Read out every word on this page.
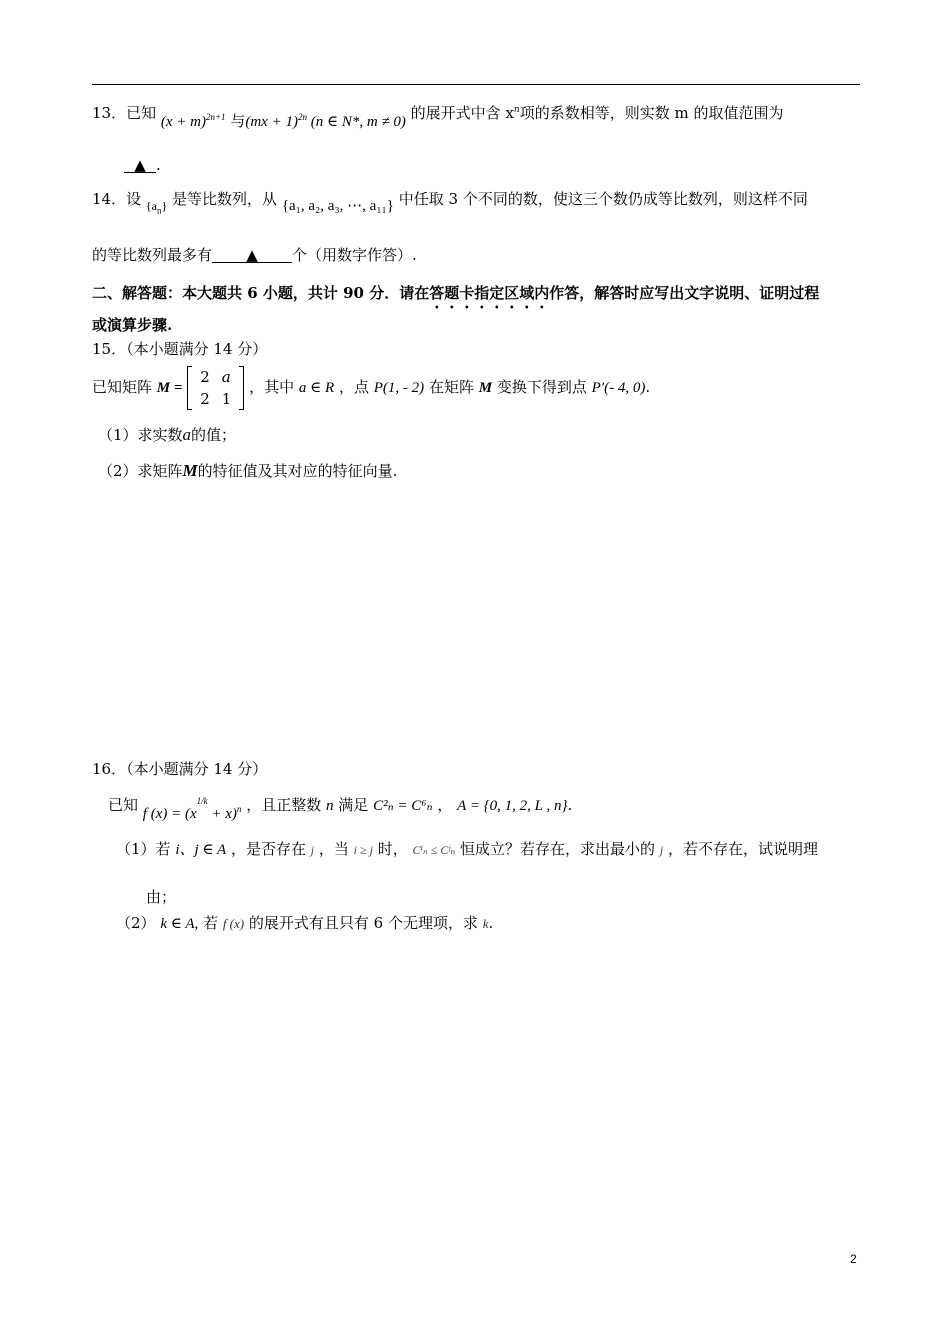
13．已知 $(x + m)^{2n+1}$ 与(mx + 1)$^{2n}$ (n ∈ N*, m ≠ 0) 的展开式中含 $x^n$项的系数相等，则实数 m 的取值范围为
▲ .
14．设 $_{\{a_n\}}$ 是等比数列，从 {a₁, a₂, a₃, ⋯, a₁₁} 中任取 3 个不同的数，使这三个数仍成等比数列，则这样不同
的等比数列最多有 ▲ 个（用数字作答）.
二、解答题：本大题共 6 小题，共计 90 分．请在答题卡指定区域内作答，解答时应写出文字说明、证明过程
或演算步骤.
15．（本小题满分 14 分）
已知矩阵 M =
2	a
2	1
，其中 a ∈ R ，点 P(1, - 2) 在矩阵 M 变换下得到点 P′(- 4, 0).
（1）求实数a的值；
（2）求矩阵M的特征值及其对应的特征向量.
16．（本小题满分 14 分）
已知 f $(x) = (x^{1/k} + x)^n$ ，且正整数 n 满足 C²ₙ = C⁶ₙ ， A = {0, 1, 2, L , n}.
（1）若 i、j ∈ A ，是否存在 j ，当 i ≥ j 时， Cⁱₙ ≤ Cʲₙ 恒成立？若存在，求出最小的 j ，若不存在，试说明理
由；
（2） k ∈ A, 若 f (x) 的展开式有且只有 6 个无理项，求 k.
2
